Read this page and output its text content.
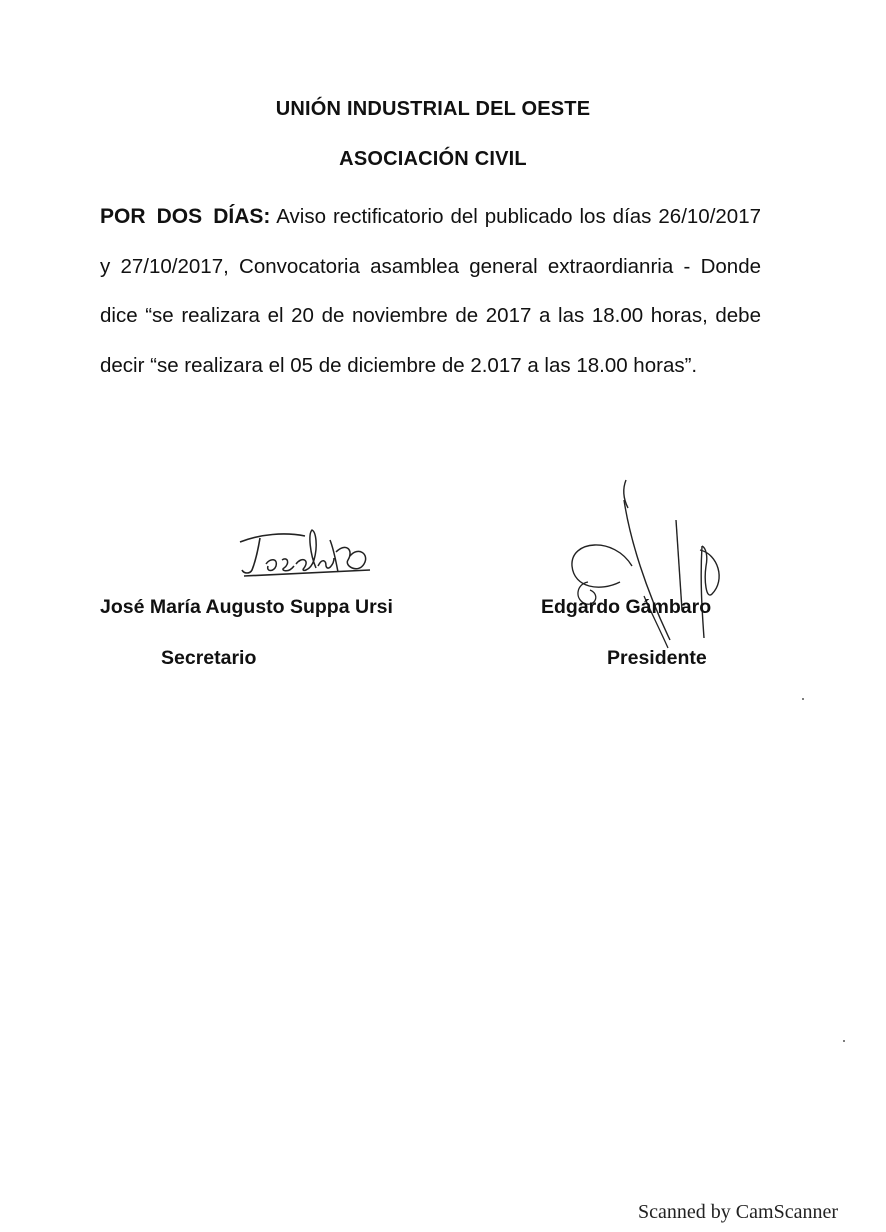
UNIÓN INDUSTRIAL DEL OESTE
ASOCIACIÓN CIVIL
POR DOS DÍAS: Aviso rectificatorio del publicado los días 26/10/2017 y 27/10/2017, Convocatoria asamblea general extraordianria - Donde dice “se realizara el 20 de noviembre de 2017 a las 18.00 horas, debe decir “se realizara el 05 de diciembre de 2.017 a las 18.00 horas”.
José María Augusto Suppa Ursi
Secretario
Edgardo Gámbaro
Presidente
Scanned by CamScanner
